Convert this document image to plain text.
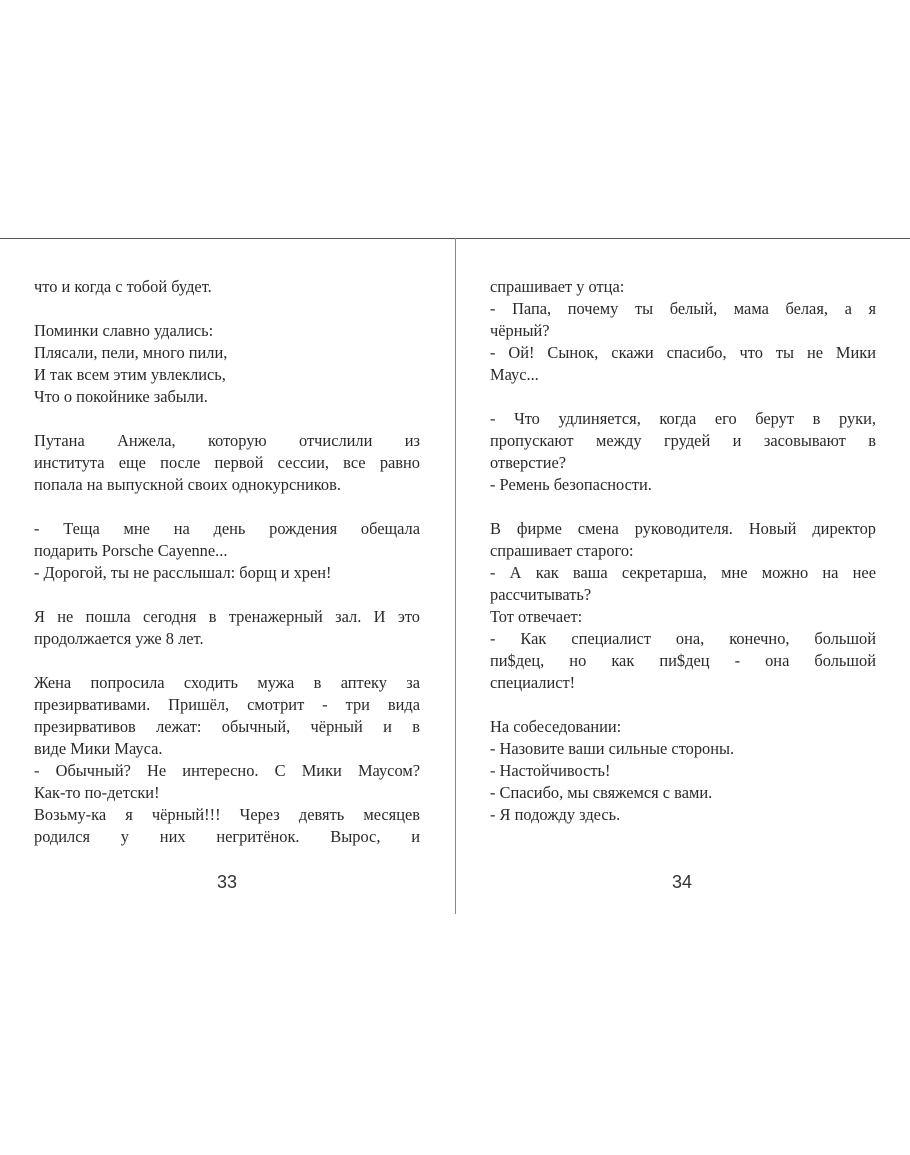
что и когда с тобой будет.

Поминки славно удались:
Плясали, пели, много пили,
И так всем этим увлеклись,
Что о покойнике забыли.

Путана Анжела, которую отчислили из
института еще после первой сессии, все равно
попала на выпускной своих однокурсников.

- Теща мне на день рождения обещала
подарить Porsche Cayenne...
- Дорогой, ты не расслышал: борщ и хрен!

Я не пошла сегодня в тренажерный зал. И это
продолжается уже 8 лет.

Жена попросила сходить мужа в аптеку за
презирвативами. Пришёл, смотрит - три вида
презирвативов лежат: обычный, чёрный и в
виде Мики Мауса.
- Обычный? Не интересно. С Мики Маусом?
Как-то по-детски!
Возьму-ка я чёрный!!! Через девять месяцев
родился у них негритёнок. Вырос, и

33

спрашивает у отца:
- Папа, почему ты белый, мама белая, а я
чёрный?
- Ой! Сынок, скажи спасибо, что ты не Мики
Маус...

- Что удлиняется, когда его берут в руки,
пропускают между грудей и засовывают в
отверстие?
- Ремень безопасности.

В фирме смена руководителя. Новый директор
спрашивает старого:
- А как ваша секретарша, мне можно на нее
рассчитывать?
Тот отвечает:
- Как специалист она, конечно, большой
пи$дец, но как пи$дец - она большой
специалист!

На собеседовании:
- Назовите ваши сильные стороны.
- Настойчивость!
- Спасибо, мы свяжемся с вами.
- Я подожду здесь.

34
